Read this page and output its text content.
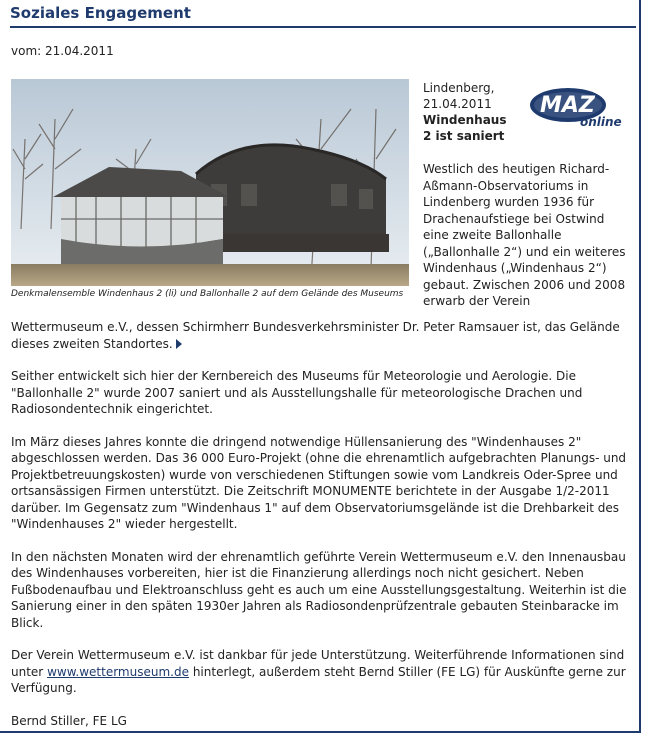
Soziales Engagement
vom: 21.04.2011
Denkmalensemble Windenhaus 2 (li) und Ballonhalle 2 auf dem Gelände des Museums
Lindenberg,
21.04.2011
Windenhaus
2 ist saniert
MAZ
online
Westlich des heutigen Richard-Aßmann-Observatoriums in Lindenberg wurden 1936 für Drachenaufstiege bei Ostwind eine zweite Ballonhalle („Ballonhalle 2“) und ein weiteres Windenhaus („Windenhaus 2“) gebaut. Zwischen 2006 und 2008 erwarb der Verein

Wettermuseum e.V., dessen Schirmherr Bundesverkehrsminister Dr. Peter Ramsauer ist, das Gelände dieses zweiten Standortes.

Seither entwickelt sich hier der Kernbereich des Museums für Meteorologie und Aerologie. Die "Ballonhalle 2" wurde 2007 saniert und als Ausstellungshalle für meteorologische Drachen und Radiosondentechnik eingerichtet.

Im März dieses Jahres konnte die dringend notwendige Hüllensanierung des "Windenhauses 2" abgeschlossen werden. Das 36 000 Euro-Projekt (ohne die ehrenamtlich aufgebrachten Planungs- und Projektbetreuungskosten) wurde von verschiedenen Stiftungen sowie vom Landkreis Oder-Spree und ortsansässigen Firmen unterstützt. Die Zeitschrift MONUMENTE berichtete in der Ausgabe 1/2-2011 darüber. Im Gegensatz zum "Windenhaus 1" auf dem Observatoriumsgelände ist die Drehbarkeit des "Windenhauses 2" wieder hergestellt.

In den nächsten Monaten wird der ehrenamtlich geführte Verein Wettermuseum e.V. den Innenausbau des Windenhauses vorbereiten, hier ist die Finanzierung allerdings noch nicht gesichert. Neben Fußbodenaufbau und Elektroanschluss geht es auch um eine Ausstellungsgestaltung. Weiterhin ist die Sanierung einer in den späten 1930er Jahren als Radiosondenprüfzentrale gebauten Steinbaracke im Blick.

Der Verein Wettermuseum e.V. ist dankbar für jede Unterstützung. Weiterführende Informationen sind unter www.wettermuseum.de hinterlegt, außerdem steht Bernd Stiller (FE LG) für Auskünfte gerne zur Verfügung.

Bernd Stiller, FE LG
